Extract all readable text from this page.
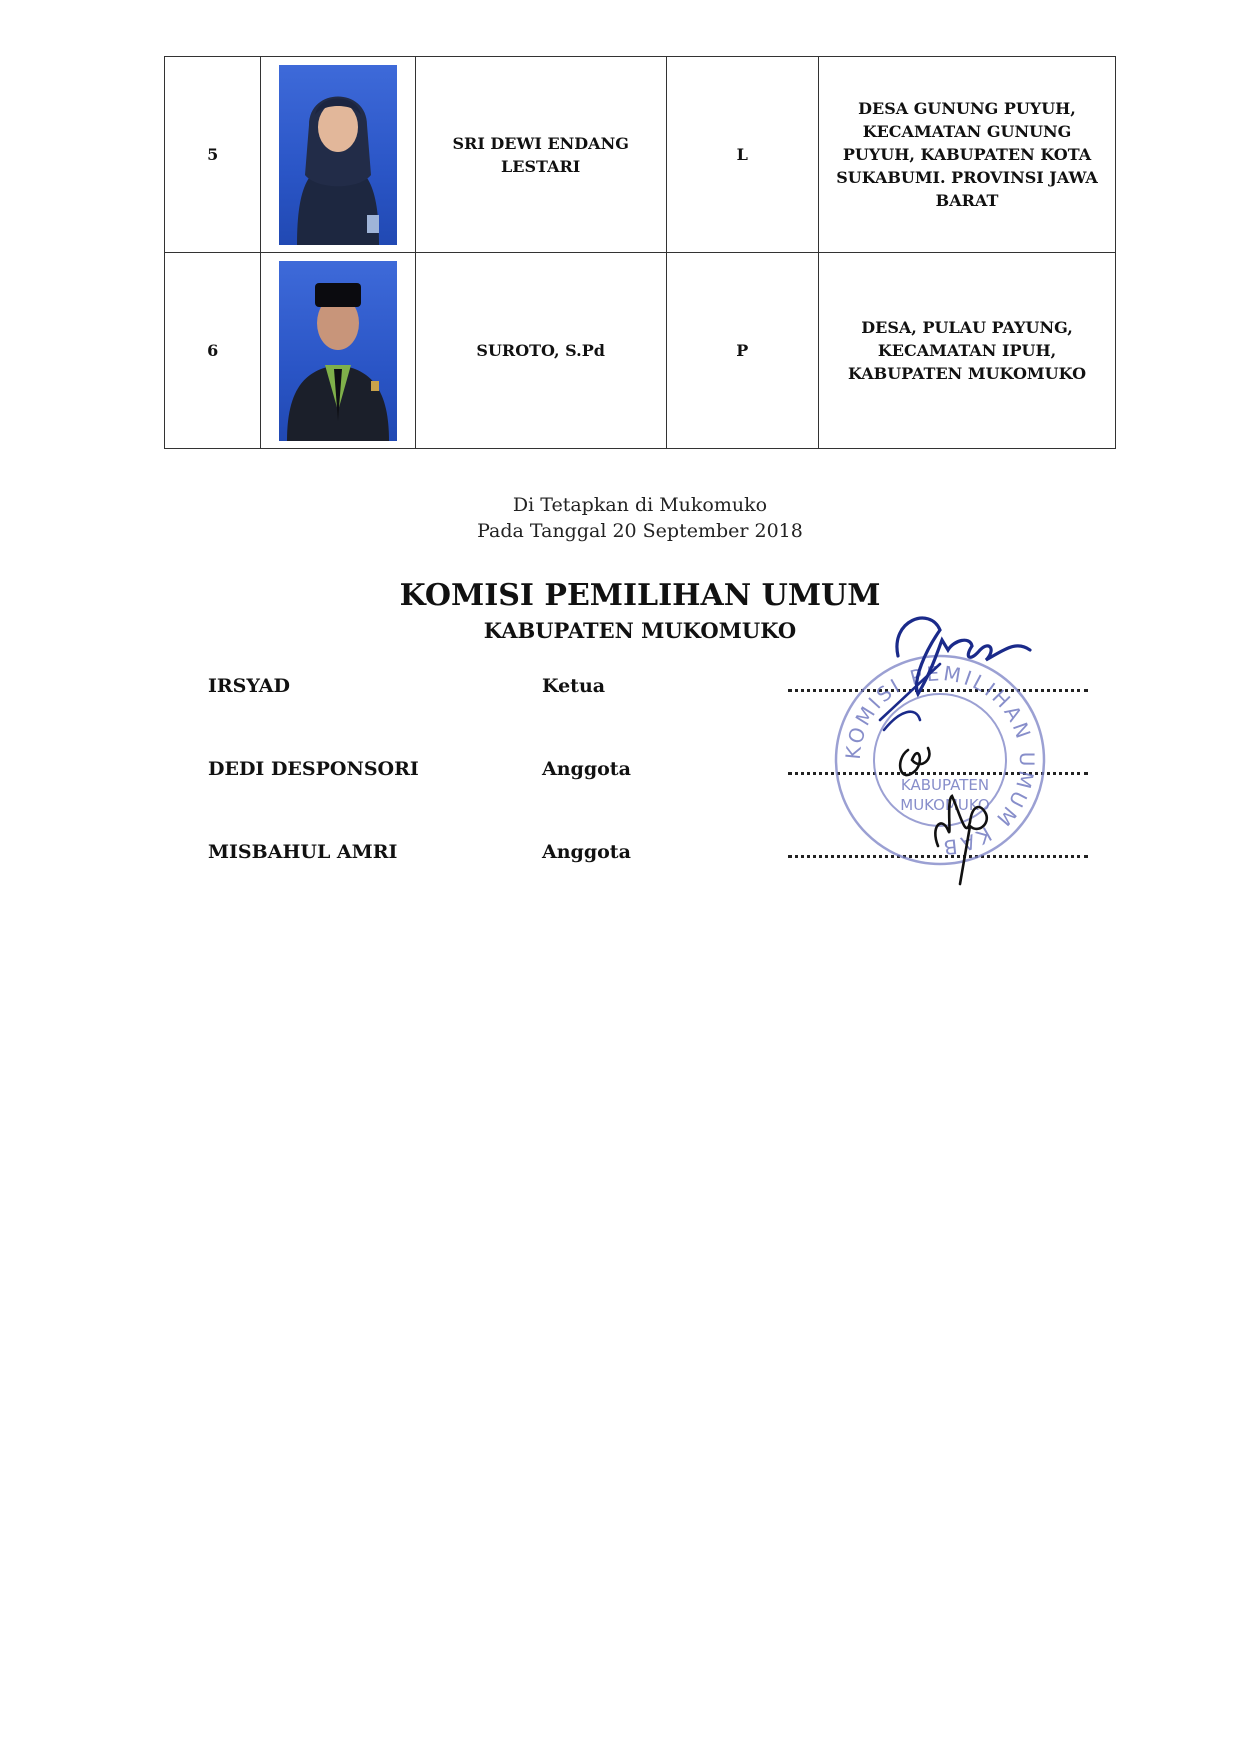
5		SRI DEWI ENDANG LESTARI	L	DESA GUNUNG PUYUH, KECAMATAN GUNUNG PUYUH, KABUPATEN KOTA SUKABUMI. PROVINSI JAWA BARAT
6		SUROTO, S.Pd	P	DESA, PULAU PAYUNG, KECAMATAN IPUH, KABUPATEN MUKOMUKO
Di Tetapkan di Mukomuko
Pada Tanggal 20 September 2018
KOMISI PEMILIHAN UMUM
KABUPATEN MUKOMUKO
IRSYAD	Ketua
DEDI DESPONSORI	Anggota
MISBAHUL AMRI	Anggota
KOMISI PEMILIHAN UMUM KAB
KABUPATEN
MUKOMUKO
